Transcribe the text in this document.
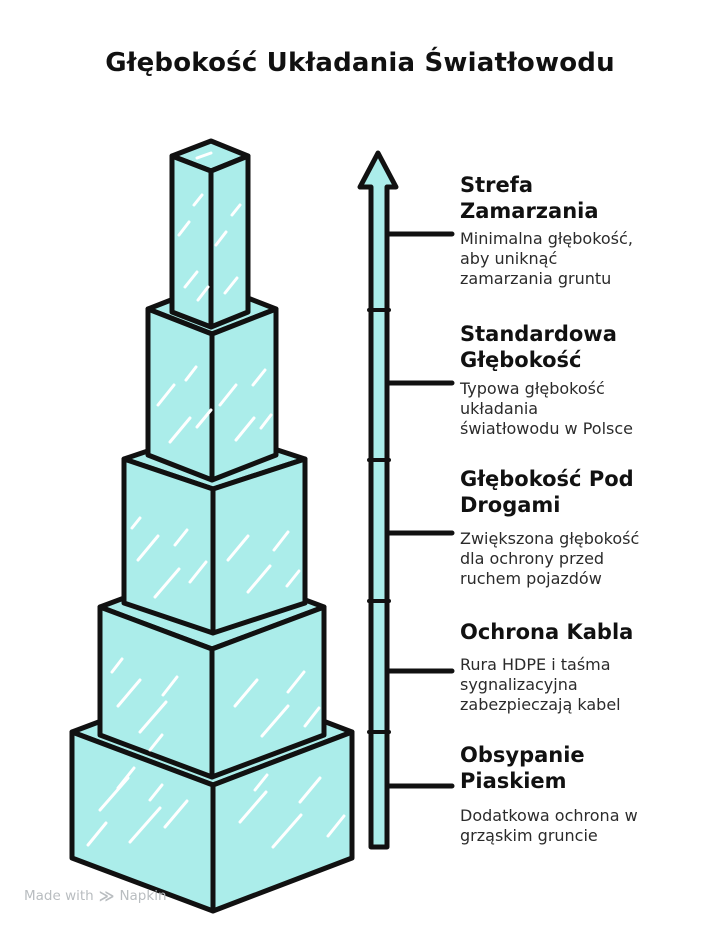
Głębokość Układania Światłowodu
Strefa
Zamarzania
Minimalna głębokość,
aby uniknąć
zamarzania gruntu
Standardowa
Głębokość
Typowa głębokość
układania
światłowodu w Polsce
Głębokość Pod
Drogami
Zwiększona głębokość
dla ochrony przed
ruchem pojazdów
Ochrona Kabla
Rura HDPE i taśma
sygnalizacyjna
zabezpieczają kabel
Obsypanie
Piaskiem
Dodatkowa ochrona w
grząskim gruncie
Made with ≫ Napkin
